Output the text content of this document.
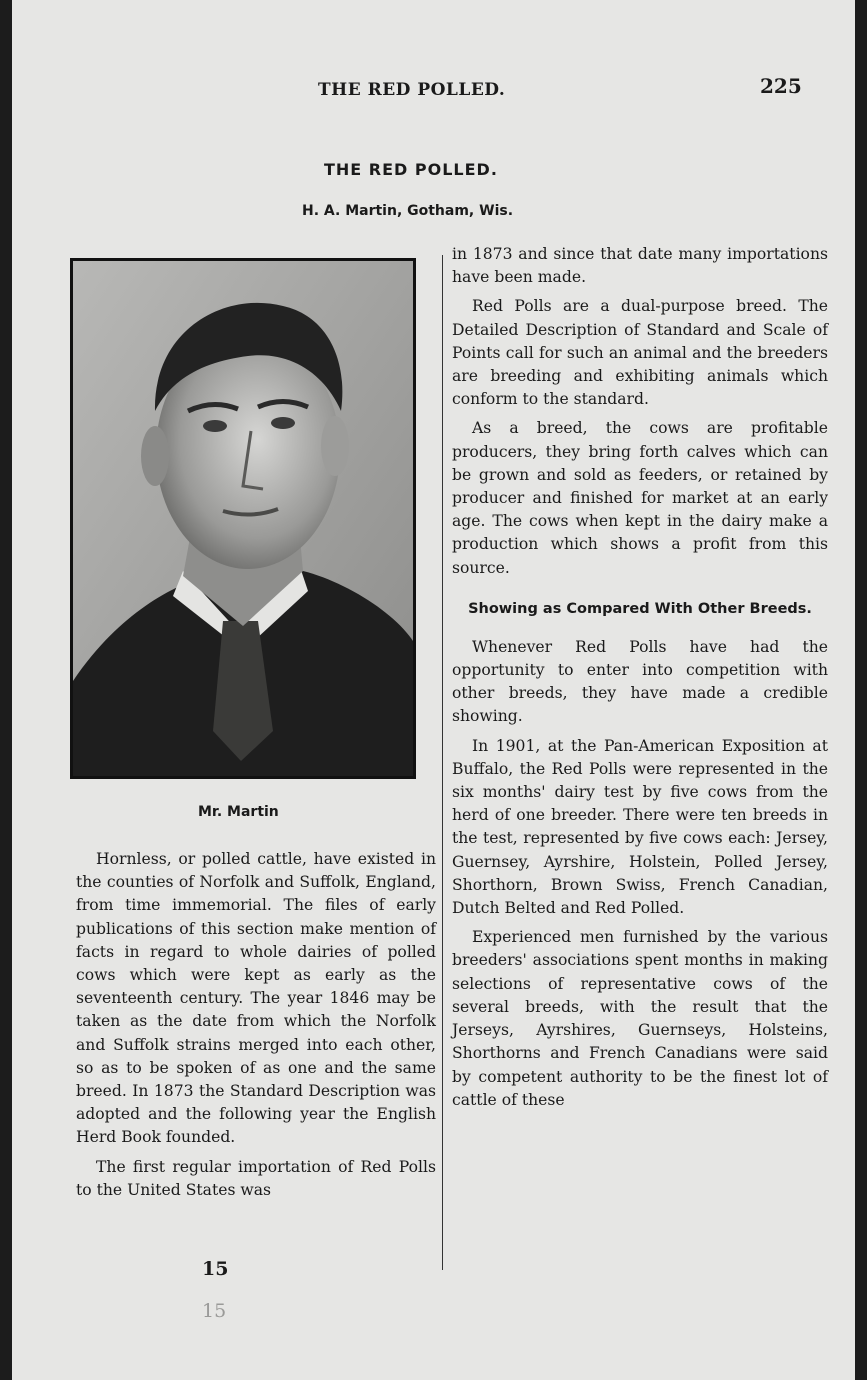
THE RED POLLED.	225
THE RED POLLED.
H. A. Martin, Gotham, Wis.
Mr. Martin

Hornless, or polled cattle, have existed in the counties of Norfolk and Suffolk, England, from time immemorial. The files of early publications of this section make mention of facts in regard to whole dairies of polled cows which were kept as early as the seventeenth century. The year 1846 may be taken as the date from which the Norfolk and Suffolk strains merged into each other, so as to be spoken of as one and the same breed. In 1873 the Standard Description was adopted and the following year the English Herd Book founded.

The first regular importation of Red Polls to the United States was

in 1873 and since that date many importations have been made.

Red Polls are a dual-purpose breed. The Detailed Description of Standard and Scale of Points call for such an animal and the breeders are breeding and exhibiting animals which conform to the standard.

As a breed, the cows are profitable producers, they bring forth calves which can be grown and sold as feeders, or retained by producer and finished for market at an early age. The cows when kept in the dairy make a production which shows a profit from this source.

Showing as Compared With Other Breeds.

Whenever Red Polls have had the opportunity to enter into competition with other breeds, they have made a credible showing.

In 1901, at the Pan-American Exposition at Buffalo, the Red Polls were represented in the six months' dairy test by five cows from the herd of one breeder. There were ten breeds in the test, represented by five cows each: Jersey, Guernsey, Ayrshire, Holstein, Polled Jersey, Shorthorn, Brown Swiss, French Canadian, Dutch Belted and Red Polled.

Experienced men furnished by the various breeders' associations spent months in making selections of representative cows of the several breeds, with the result that the Jerseys, Ayrshires, Guernseys, Holsteins, Shorthorns and French Canadians were said by competent authority to be the finest lot of cattle of these

15
15
